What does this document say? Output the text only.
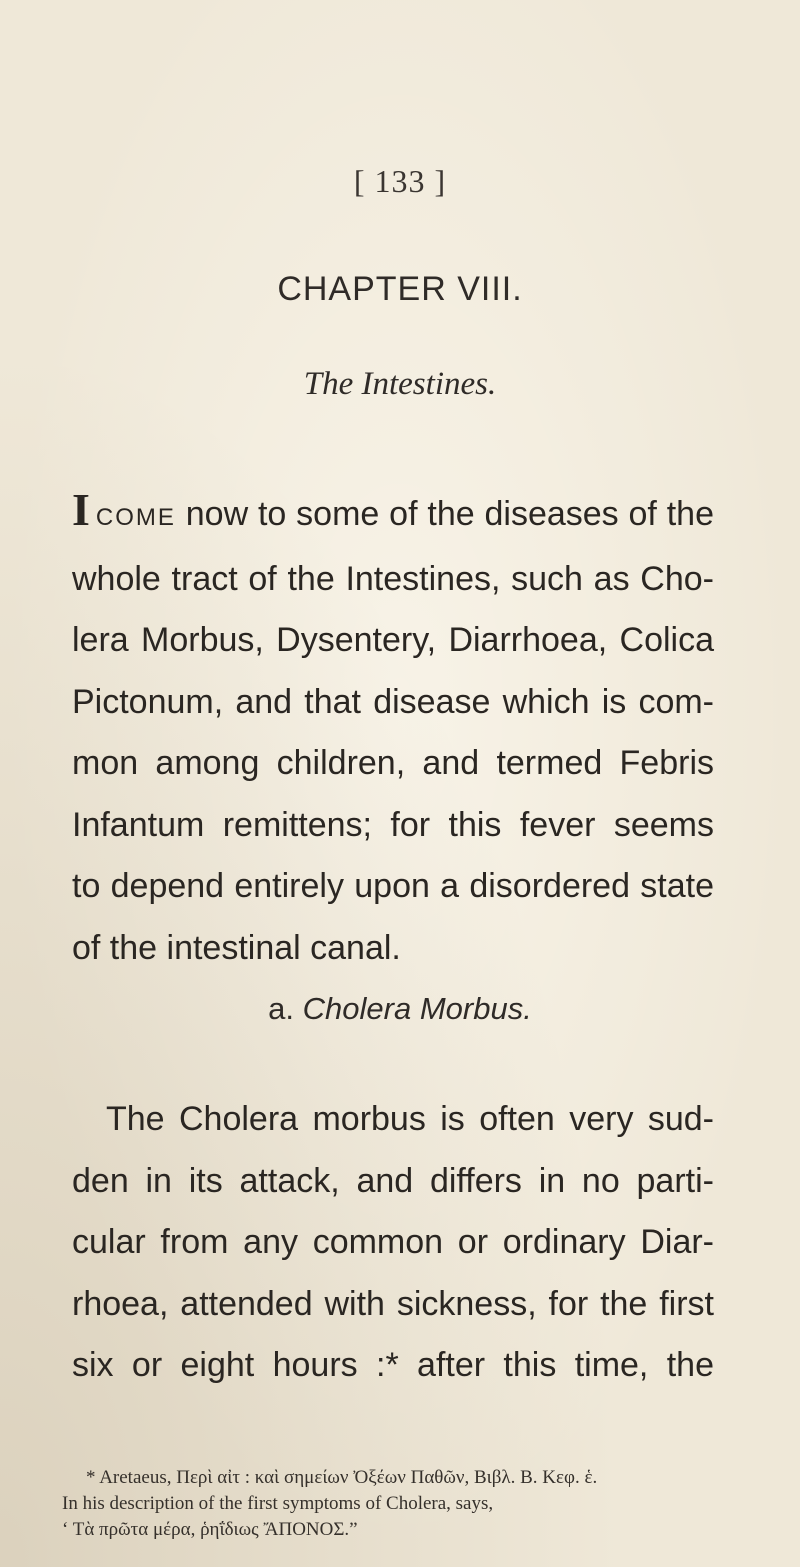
[ 133 ]
CHAPTER VIII.
The Intestines.
ICOME now to some of the diseases of the
whole tract of the Intestines, such as Cho-
lera Morbus, Dysentery, Diarrhoea, Colica
Pictonum, and that disease which is com-
mon among children, and termed Febris
Infantum remittens; for this fever seems
to depend entirely upon a disordered state
of the intestinal canal.
a. Cholera Morbus.
The Cholera morbus is often very sud-
den in its attack, and differs in no parti-
cular from any common or ordinary Diar-
rhoea, attended with sickness, for the first
six or eight hours :* after this time, the
* Aretaeus, Περὶ αἰτ : καὶ σημείων Ὀξέων Παθῶν, Βιβλ. Β. Κεφ. ἑ.
In his description of the first symptoms of Cholera, says,
‘ Τὰ πρῶτα μέρα, ῥηΐδιως ἌΠΟΝΟΣ.”
